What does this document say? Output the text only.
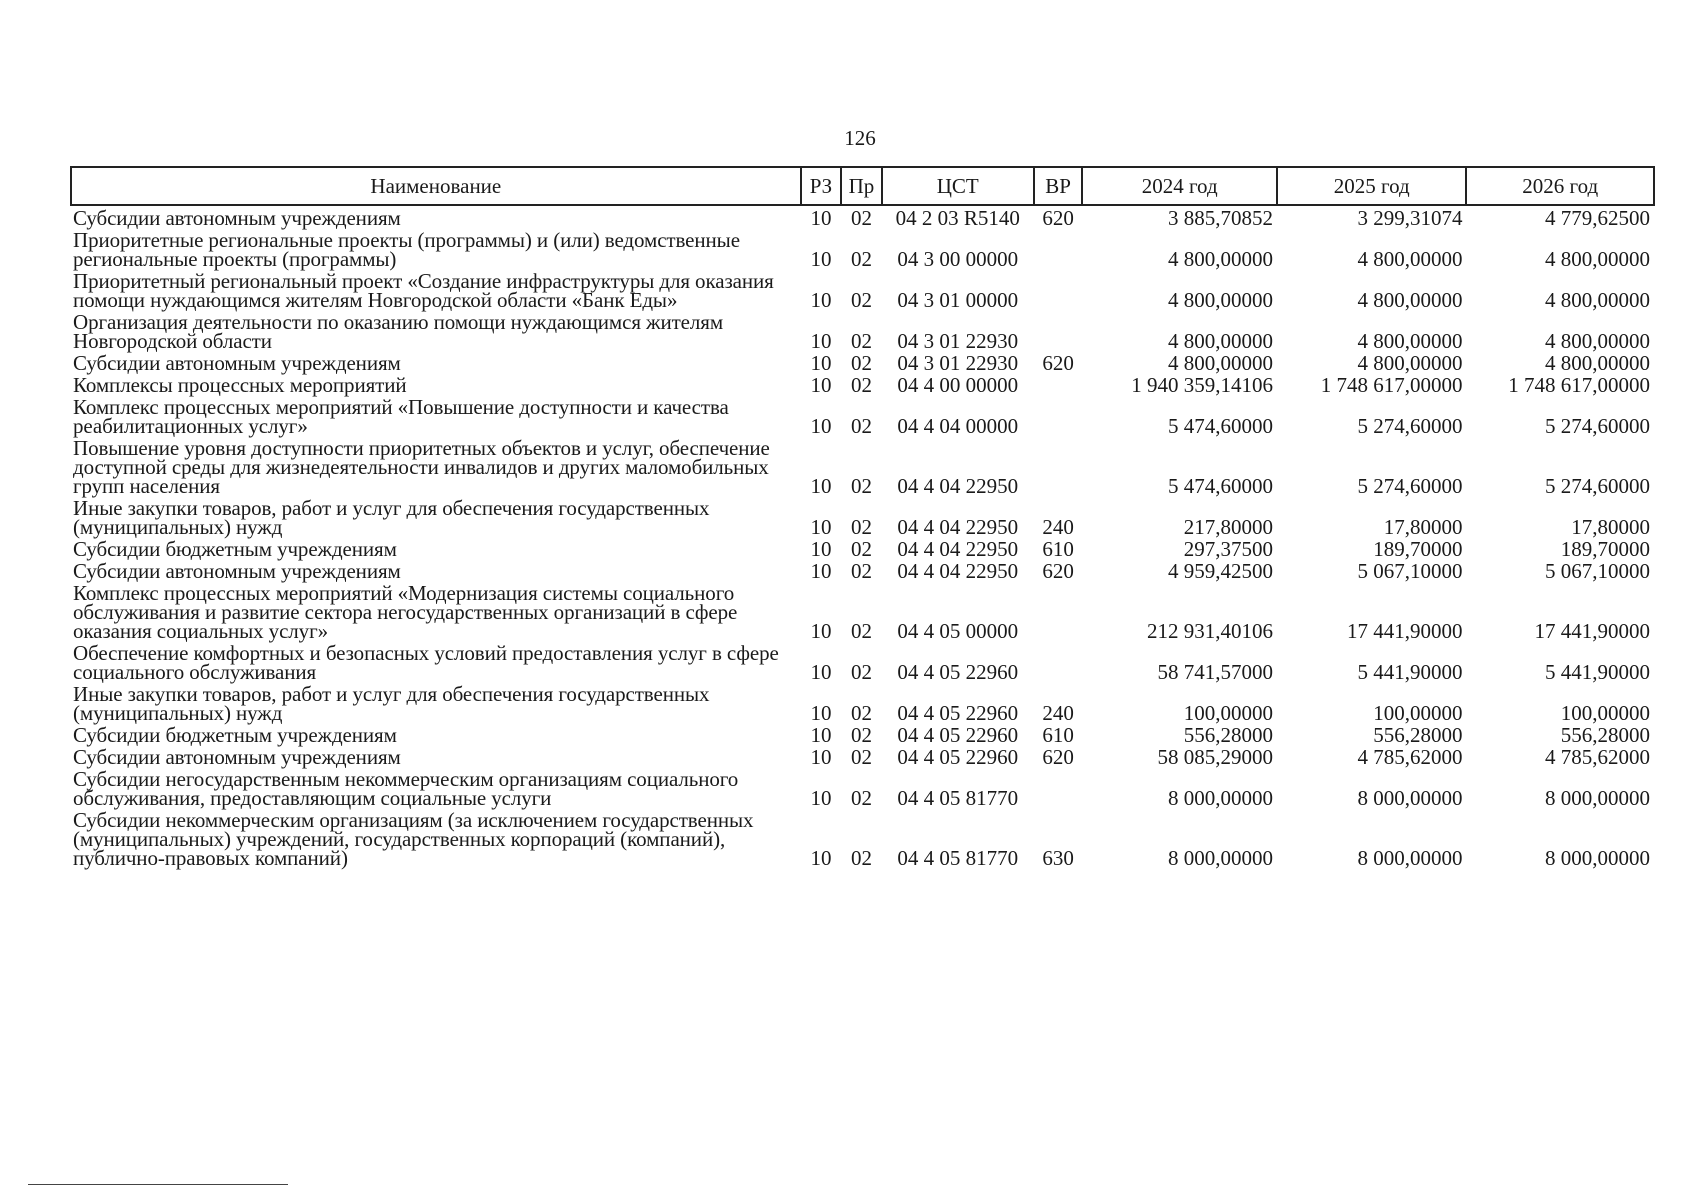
126
Наименование	РЗ	Пр	ЦСТ	ВР	2024 год	2025 год	2026 год
Субсидии автономным учреждениям	10	02	04 2 03 R5140	620	3 885,70852	3 299,31074	4 779,62500
Приоритетные региональные проекты (программы) и (или) ведомственные региональные проекты (программы)	10	02	04 3 00 00000		4 800,00000	4 800,00000	4 800,00000
Приоритетный региональный проект «Создание инфраструктуры для оказания помощи нуждающимся жителям Новгородской области «Банк Еды»	10	02	04 3 01 00000		4 800,00000	4 800,00000	4 800,00000
Организация деятельности по оказанию помощи нуждающимся жителям Новгородской области	10	02	04 3 01 22930		4 800,00000	4 800,00000	4 800,00000
Субсидии автономным учреждениям	10	02	04 3 01 22930	620	4 800,00000	4 800,00000	4 800,00000
Комплексы процессных мероприятий	10	02	04 4 00 00000		1 940 359,14106	1 748 617,00000	1 748 617,00000
Комплекс процессных мероприятий «Повышение доступности и качества реабилитационных услуг»	10	02	04 4 04 00000		5 474,60000	5 274,60000	5 274,60000
Повышение уровня доступности приоритетных объектов и услуг, обеспечение доступной среды для жизнедеятельности инвалидов и других маломобильных групп населения	10	02	04 4 04 22950		5 474,60000	5 274,60000	5 274,60000
Иные закупки товаров, работ и услуг для обеспечения государственных (муниципальных) нужд	10	02	04 4 04 22950	240	217,80000	17,80000	17,80000
Субсидии бюджетным учреждениям	10	02	04 4 04 22950	610	297,37500	189,70000	189,70000
Субсидии автономным учреждениям	10	02	04 4 04 22950	620	4 959,42500	5 067,10000	5 067,10000
Комплекс процессных мероприятий «Модернизация системы социального обслуживания и развитие сектора негосударственных организаций в сфере оказания социальных услуг»	10	02	04 4 05 00000		212 931,40106	17 441,90000	17 441,90000
Обеспечение комфортных и безопасных условий предоставления услуг в сфере социального обслуживания	10	02	04 4 05 22960		58 741,57000	5 441,90000	5 441,90000
Иные закупки товаров, работ и услуг для обеспечения государственных (муниципальных) нужд	10	02	04 4 05 22960	240	100,00000	100,00000	100,00000
Субсидии бюджетным учреждениям	10	02	04 4 05 22960	610	556,28000	556,28000	556,28000
Субсидии автономным учреждениям	10	02	04 4 05 22960	620	58 085,29000	4 785,62000	4 785,62000
Субсидии негосударственным некоммерческим организациям социального обслуживания, предоставляющим социальные услуги	10	02	04 4 05 81770		8 000,00000	8 000,00000	8 000,00000
Субсидии некоммерческим организациям (за исключением государственных (муниципальных) учреждений, государственных корпораций (компаний), публично-правовых компаний)	10	02	04 4 05 81770	630	8 000,00000	8 000,00000	8 000,00000
